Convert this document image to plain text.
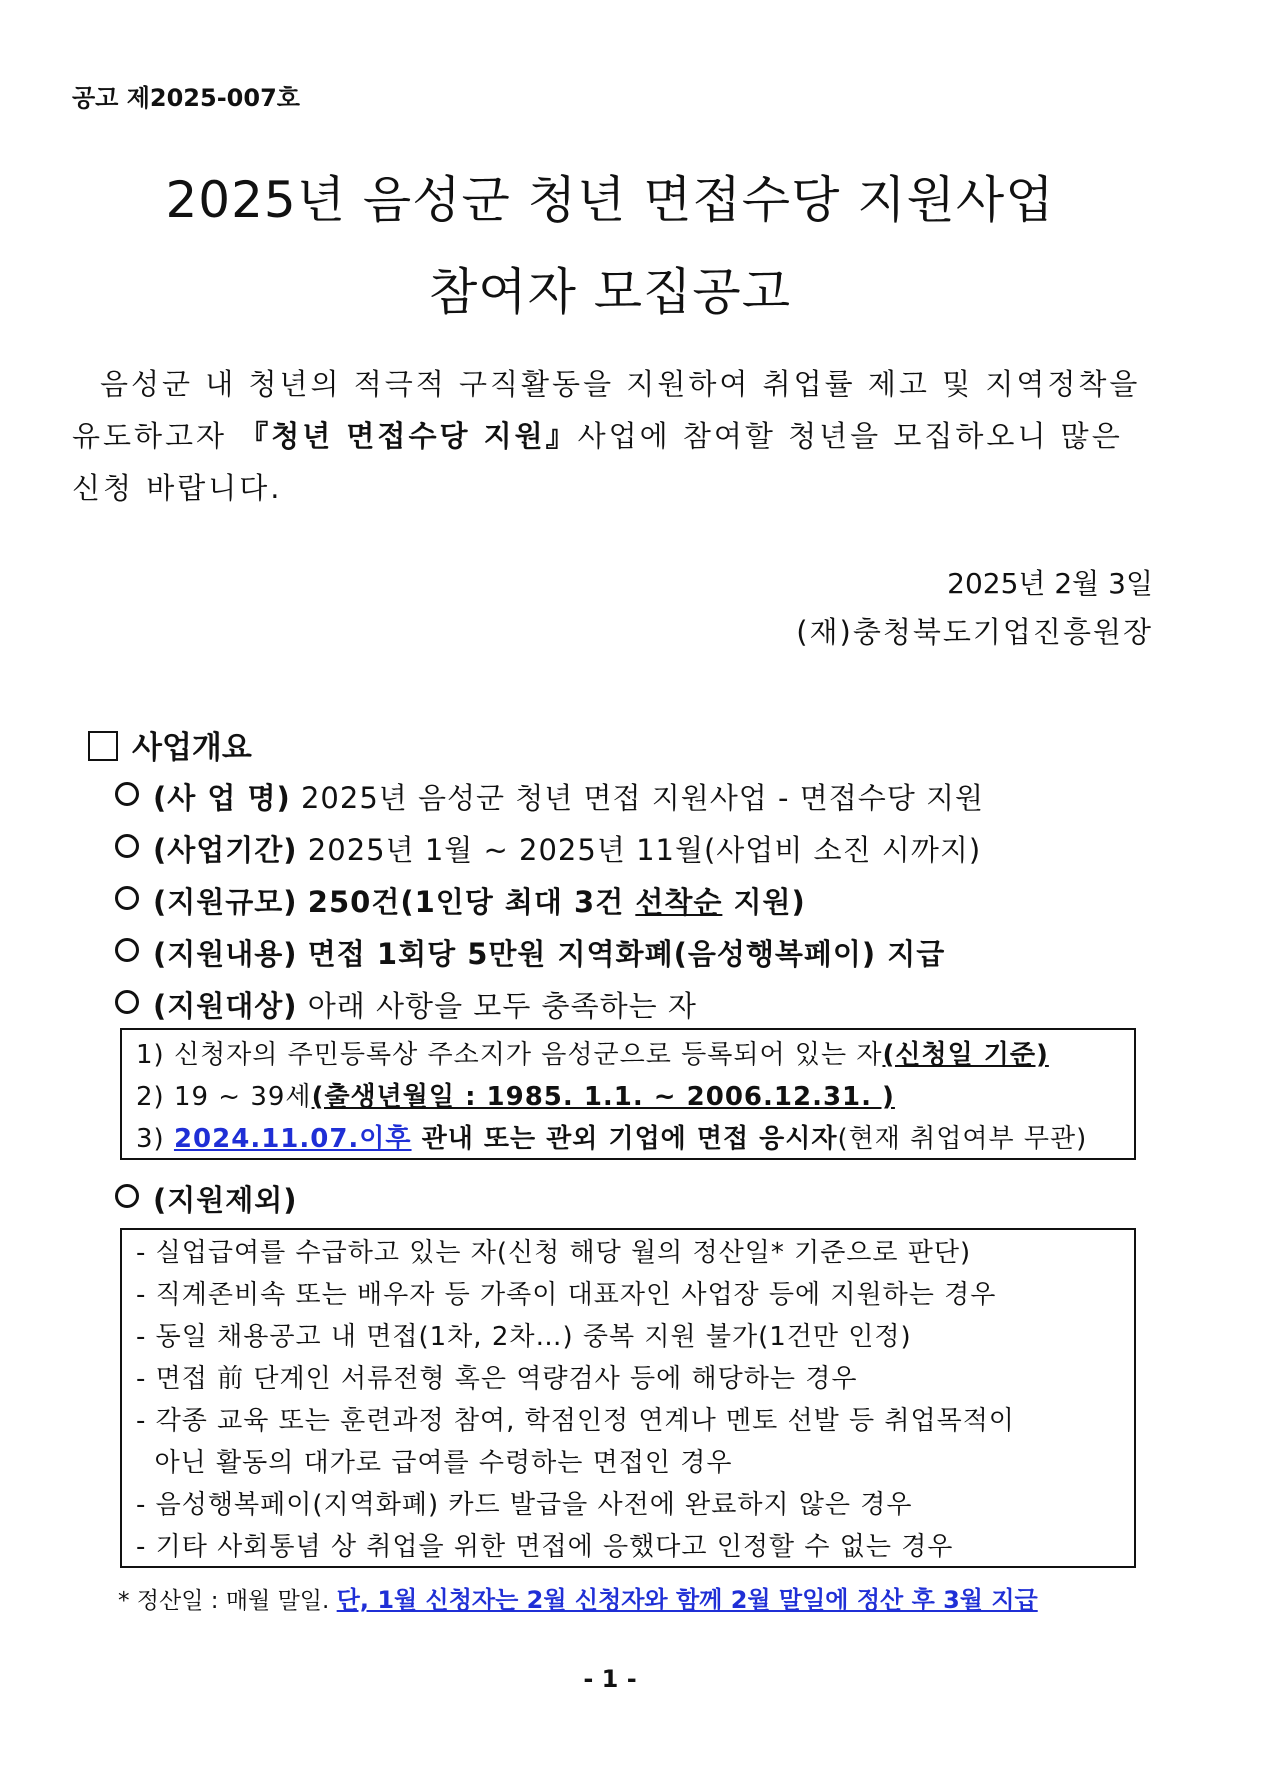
공고 제2025-007호
2025년 음성군 청년 면접수당 지원사업
참여자 모집공고
음성군 내 청년의 적극적 구직활동을 지원하여 취업률 제고 및 지역정착을
유도하고자 『청년 면접수당 지원』사업에 참여할 청년을 모집하오니 많은
신청 바랍니다.
2025년 2월 3일
(재)충청북도기업진흥원장
사업개요
(사 업 명) 2025년 음성군 청년 면접 지원사업 - 면접수당 지원
(사업기간) 2025년 1월 ~ 2025년 11월(사업비 소진 시까지)
(지원규모) 250건(1인당 최대 3건 선착순 지원)
(지원내용) 면접 1회당 5만원 지역화폐(음성행복페이) 지급
(지원대상) 아래 사항을 모두 충족하는 자
1) 신청자의 주민등록상 주소지가 음성군으로 등록되어 있는 자(신청일 기준)
2) 19 ~ 39세(출생년월일 : 1985. 1.1. ~ 2006.12.31. )
3) 2024.11.07.이후 관내 또는 관외 기업에 면접 응시자(현재 취업여부 무관)
(지원제외)
- 실업급여를 수급하고 있는 자(신청 해당 월의 정산일* 기준으로 판단)
- 직계존비속 또는 배우자 등 가족이 대표자인 사업장 등에 지원하는 경우
- 동일 채용공고 내 면접(1차, 2차…) 중복 지원 불가(1건만 인정)
- 면접 前 단계인 서류전형 혹은 역량검사 등에 해당하는 경우
- 각종 교육 또는 훈련과정 참여, 학점인정 연계나 멘토 선발 등 취업목적이
아닌 활동의 대가로 급여를 수령하는 면접인 경우
- 음성행복페이(지역화폐) 카드 발급을 사전에 완료하지 않은 경우
- 기타 사회통념 상 취업을 위한 면접에 응했다고 인정할 수 없는 경우
* 정산일 : 매월 말일. 단, 1월 신청자는 2월 신청자와 함께 2월 말일에 정산 후 3월 지급
- 1 -
